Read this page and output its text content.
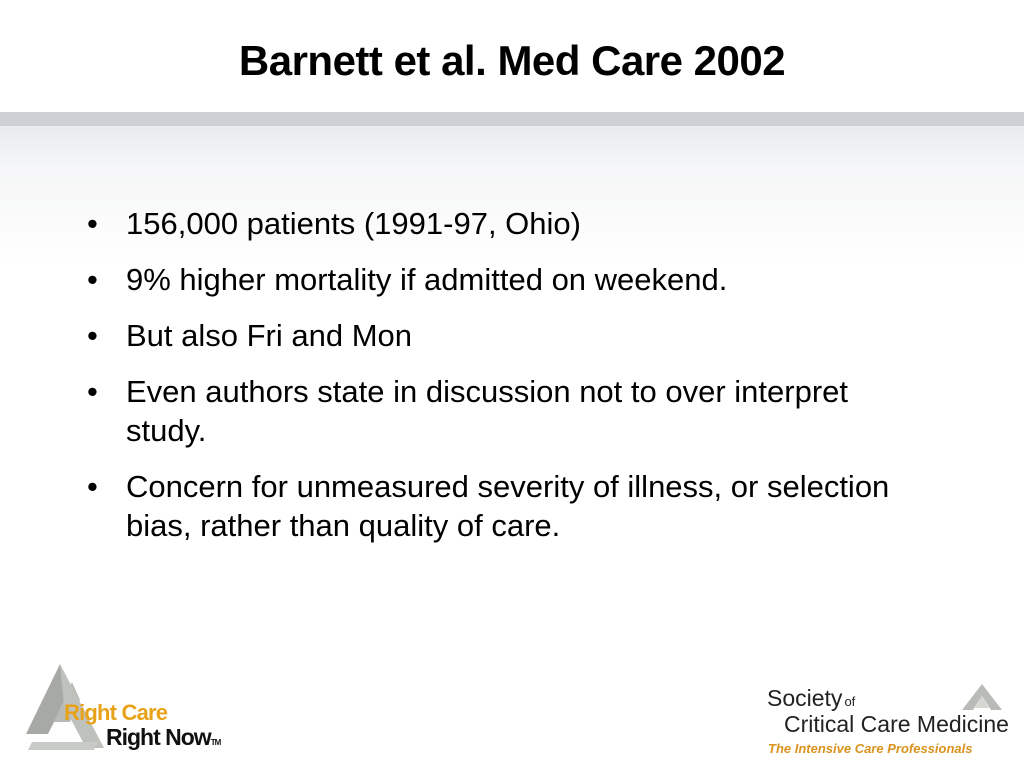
Barnett et al. Med Care 2002
• 156,000 patients (1991-97, Ohio)
• 9% higher mortality if admitted on weekend.
• But also Fri and Mon
• Even authors state in discussion not to over interpret study.
• Concern for unmeasured severity of illness, or selection bias, rather than quality of care.
Right Care
Right NowTM
Society of
Critical Care Medicine
The Intensive Care Professionals
